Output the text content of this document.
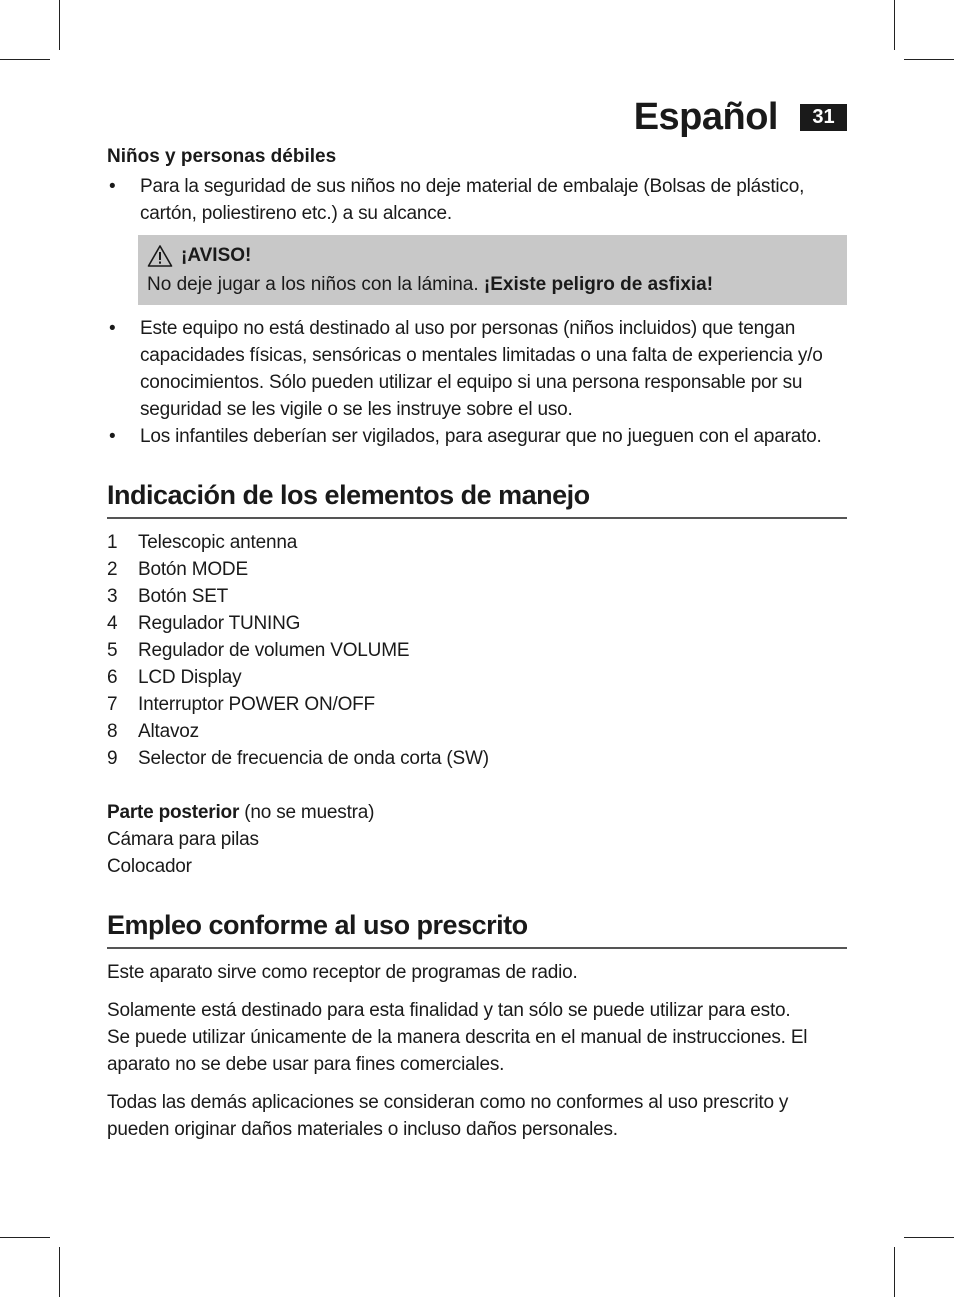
Español	31
Niños y personas débiles
•	Para la seguridad de sus niños no deje material de embalaje (Bolsas de plástico, cartón, poliestireno etc.) a su alcance.
¡AVISO!
No deje jugar a los niños con la lámina. ¡Existe peligro de asfixia!
•	Este equipo no está destinado al uso por personas (niños incluidos) que tengan capacidades físicas, sensóricas o mentales limitadas o una falta de experiencia y/o conocimientos. Sólo pueden utilizar el equipo si una persona responsable por su seguridad se les vigile o se les instruye sobre el uso.
•	Los infantiles deberían ser vigilados, para asegurar que no jueguen con el aparato.
Indicación de los elementos de manejo
1	Telescopic antenna
2	Botón MODE
3	Botón SET
4	Regulador TUNING
5	Regulador de volumen VOLUME
6	LCD Display
7	Interruptor POWER ON/OFF
8	Altavoz
9	Selector de frecuencia de onda corta (SW)
Parte posterior (no se muestra)
Cámara para pilas
Colocador
Empleo conforme al uso prescrito
Este aparato sirve como receptor de programas de radio.
Solamente está destinado para esta finalidad y tan sólo se puede utilizar para esto.
Se puede utilizar únicamente de la manera descrita en el manual de instrucciones. El aparato no se debe usar para fines comerciales.
Todas las demás aplicaciones se consideran como no conformes al uso prescrito y pueden originar daños materiales o incluso daños personales.
